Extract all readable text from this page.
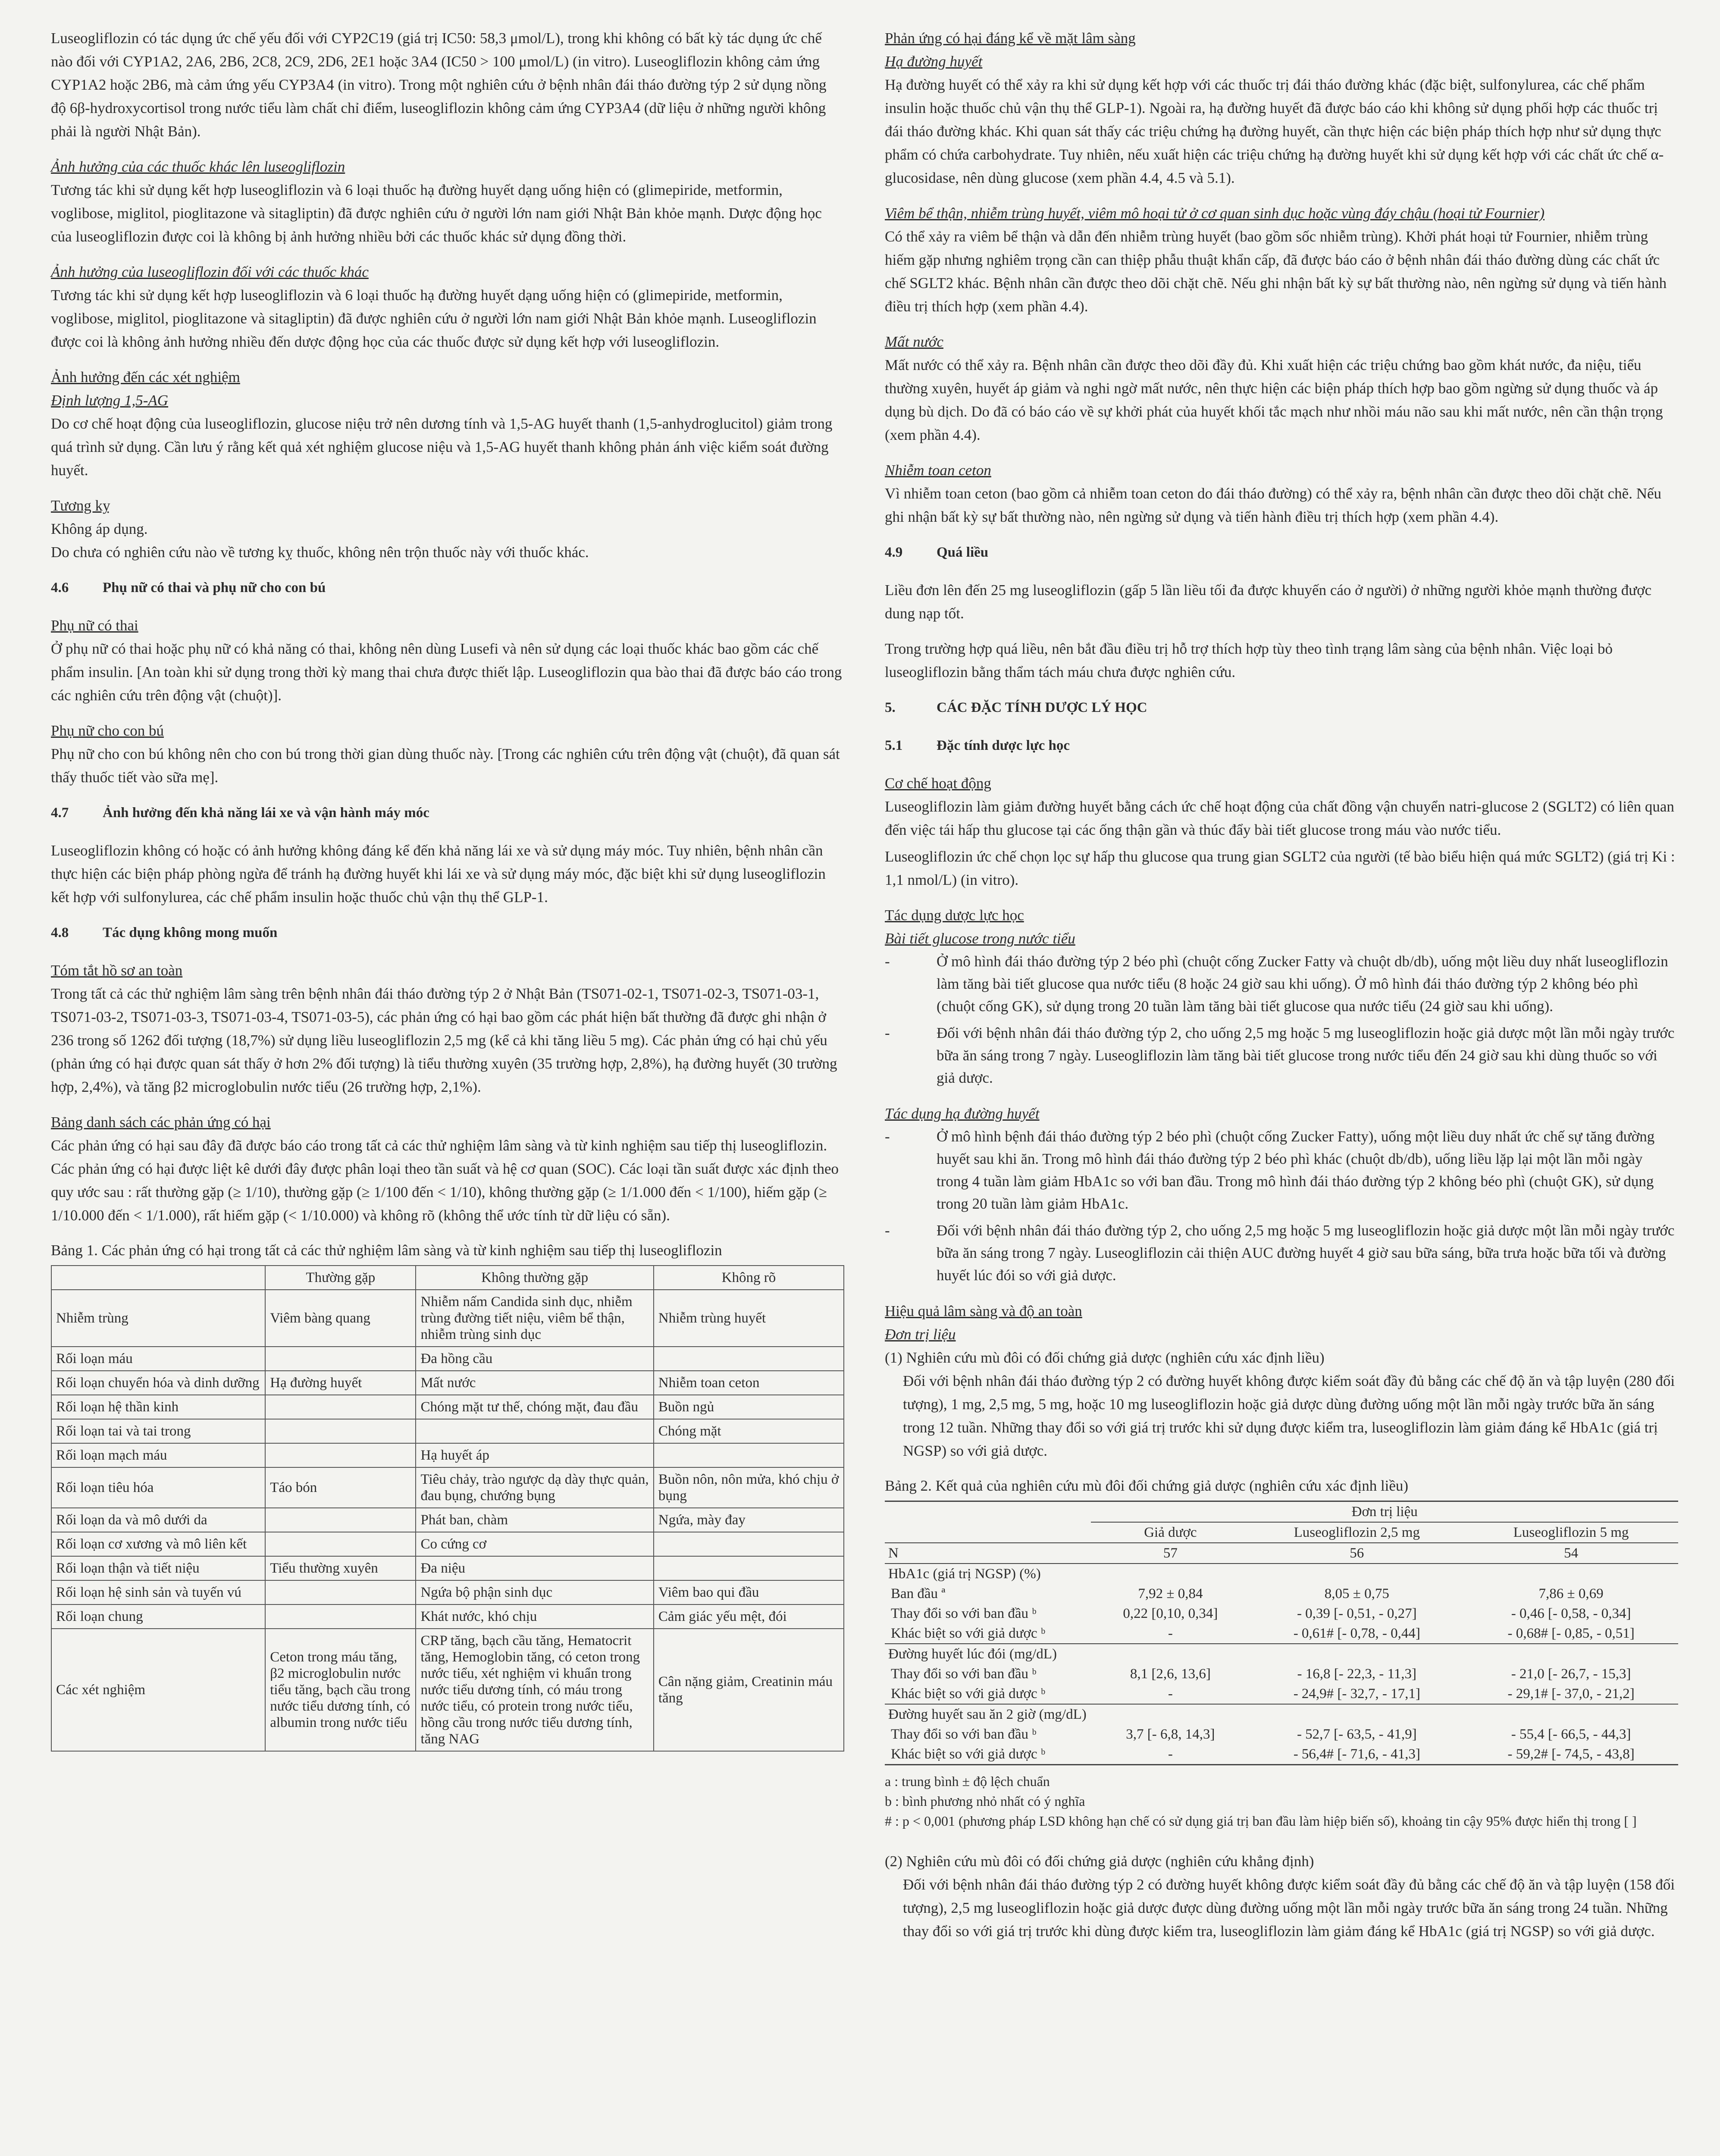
Luseogliflozin có tác dụng ức chế yếu đối với CYP2C19 (giá trị IC50: 58,3 μmol/L), trong khi không có bất kỳ tác dụng ức chế nào đối với CYP1A2, 2A6, 2B6, 2C8, 2C9, 2D6, 2E1 hoặc 3A4 (IC50 > 100 μmol/L) (in vitro). Luseogliflozin không cảm ứng CYP1A2 hoặc 2B6, mà cảm ứng yếu CYP3A4 (in vitro). Trong một nghiên cứu ở bệnh nhân đái tháo đường týp 2 sử dụng nồng độ 6β-hydroxycortisol trong nước tiểu làm chất chỉ điểm, luseogliflozin không cảm ứng CYP3A4 (dữ liệu ở những người không phải là người Nhật Bản).

Ảnh hưởng của các thuốc khác lên luseogliflozin

Tương tác khi sử dụng kết hợp luseogliflozin và 6 loại thuốc hạ đường huyết dạng uống hiện có (glimepiride, metformin, voglibose, miglitol, pioglitazone và sitagliptin) đã được nghiên cứu ở người lớn nam giới Nhật Bản khỏe mạnh. Dược động học của luseogliflozin được coi là không bị ảnh hưởng nhiều bởi các thuốc khác sử dụng đồng thời.

Ảnh hưởng của luseogliflozin đối với các thuốc khác

Tương tác khi sử dụng kết hợp luseogliflozin và 6 loại thuốc hạ đường huyết dạng uống hiện có (glimepiride, metformin, voglibose, miglitol, pioglitazone và sitagliptin) đã được nghiên cứu ở người lớn nam giới Nhật Bản khỏe mạnh. Luseogliflozin được coi là không ảnh hưởng nhiều đến dược động học của các thuốc được sử dụng kết hợp với luseogliflozin.

Ảnh hưởng đến các xét nghiệm

Định lượng 1,5-AG

Do cơ chế hoạt động của luseogliflozin, glucose niệu trở nên dương tính và 1,5-AG huyết thanh (1,5-anhydroglucitol) giảm trong quá trình sử dụng. Cần lưu ý rằng kết quả xét nghiệm glucose niệu và 1,5-AG huyết thanh không phản ánh việc kiểm soát đường huyết.

Tương kỵ

Không áp dụng.
Do chưa có nghiên cứu nào về tương kỵ thuốc, không nên trộn thuốc này với thuốc khác.

4.6 Phụ nữ có thai và phụ nữ cho con bú

Phụ nữ có thai

Ở phụ nữ có thai hoặc phụ nữ có khả năng có thai, không nên dùng Lusefi và nên sử dụng các loại thuốc khác bao gồm các chế phẩm insulin. [An toàn khi sử dụng trong thời kỳ mang thai chưa được thiết lập. Luseogliflozin qua bào thai đã được báo cáo trong các nghiên cứu trên động vật (chuột)].

Phụ nữ cho con bú

Phụ nữ cho con bú không nên cho con bú trong thời gian dùng thuốc này. [Trong các nghiên cứu trên động vật (chuột), đã quan sát thấy thuốc tiết vào sữa mẹ].

4.7 Ảnh hưởng đến khả năng lái xe và vận hành máy móc

Luseogliflozin không có hoặc có ảnh hưởng không đáng kể đến khả năng lái xe và sử dụng máy móc. Tuy nhiên, bệnh nhân cần thực hiện các biện pháp phòng ngừa để tránh hạ đường huyết khi lái xe và sử dụng máy móc, đặc biệt khi sử dụng luseogliflozin kết hợp với sulfonylurea, các chế phẩm insulin hoặc thuốc chủ vận thụ thể GLP-1.

4.8 Tác dụng không mong muốn

Tóm tắt hồ sơ an toàn

Trong tất cả các thử nghiệm lâm sàng trên bệnh nhân đái tháo đường týp 2 ở Nhật Bản (TS071-02-1, TS071-02-3, TS071-03-1, TS071-03-2, TS071-03-3, TS071-03-4, TS071-03-5), các phản ứng có hại bao gồm các phát hiện bất thường đã được ghi nhận ở 236 trong số 1262 đối tượng (18,7%) sử dụng liều luseogliflozin 2,5 mg (kể cả khi tăng liều 5 mg). Các phản ứng có hại chủ yếu (phản ứng có hại được quan sát thấy ở hơn 2% đối tượng) là tiểu thường xuyên (35 trường hợp, 2,8%), hạ đường huyết (30 trường hợp, 2,4%), và tăng β2 microglobulin nước tiểu (26 trường hợp, 2,1%).

Bảng danh sách các phản ứng có hại

Các phản ứng có hại sau đây đã được báo cáo trong tất cả các thử nghiệm lâm sàng và từ kinh nghiệm sau tiếp thị luseogliflozin. Các phản ứng có hại được liệt kê dưới đây được phân loại theo tần suất và hệ cơ quan (SOC). Các loại tần suất được xác định theo quy ước sau : rất thường gặp (≥ 1/10), thường gặp (≥ 1/100 đến < 1/10), không thường gặp (≥ 1/1.000 đến < 1/100), hiếm gặp (≥ 1/10.000 đến < 1/1.000), rất hiếm gặp (< 1/10.000) và không rõ (không thể ước tính từ dữ liệu có sẵn).

Bảng 1. Các phản ứng có hại trong tất cả các thử nghiệm lâm sàng và từ kinh nghiệm sau tiếp thị luseogliflozin

	Thường gặp	Không thường gặp	Không rõ
Nhiễm trùng	Viêm bàng quang	Nhiễm nấm Candida sinh dục, nhiễm trùng đường tiết niệu, viêm bể thận, nhiễm trùng sinh dục	Nhiễm trùng huyết
Rối loạn máu		Đa hồng cầu	
Rối loạn chuyển hóa và dinh dưỡng	Hạ đường huyết	Mất nước	Nhiễm toan ceton
Rối loạn hệ thần kinh		Chóng mặt tư thế, chóng mặt, đau đầu	Buồn ngủ
Rối loạn tai và tai trong			Chóng mặt
Rối loạn mạch máu		Hạ huyết áp	
Rối loạn tiêu hóa	Táo bón	Tiêu chảy, trào ngược dạ dày thực quản, đau bụng, chướng bụng	Buồn nôn, nôn mửa, khó chịu ở bụng
Rối loạn da và mô dưới da		Phát ban, chàm	Ngứa, mày đay
Rối loạn cơ xương và mô liên kết		Co cứng cơ	
Rối loạn thận và tiết niệu	Tiểu thường xuyên	Đa niệu	
Rối loạn hệ sinh sản và tuyến vú		Ngứa bộ phận sinh dục	Viêm bao qui đầu
Rối loạn chung		Khát nước, khó chịu	Cảm giác yếu mệt, đói
Các xét nghiệm	Ceton trong máu tăng, β2 microglobulin nước tiểu tăng, bạch cầu trong nước tiểu dương tính, có albumin trong nước tiểu	CRP tăng, bạch cầu tăng, Hematocrit tăng, Hemoglobin tăng, có ceton trong nước tiểu, xét nghiệm vi khuẩn trong nước tiểu dương tính, có máu trong nước tiểu, có protein trong nước tiểu, hồng cầu trong nước tiểu dương tính, tăng NAG	Cân nặng giảm, Creatinin máu tăng

Phản ứng có hại đáng kể về mặt lâm sàng

Hạ đường huyết

Hạ đường huyết có thể xảy ra khi sử dụng kết hợp với các thuốc trị đái tháo đường khác (đặc biệt, sulfonylurea, các chế phẩm insulin hoặc thuốc chủ vận thụ thể GLP-1). Ngoài ra, hạ đường huyết đã được báo cáo khi không sử dụng phối hợp các thuốc trị đái tháo đường khác. Khi quan sát thấy các triệu chứng hạ đường huyết, cần thực hiện các biện pháp thích hợp như sử dụng thực phẩm có chứa carbohydrate. Tuy nhiên, nếu xuất hiện các triệu chứng hạ đường huyết khi sử dụng kết hợp với các chất ức chế α-glucosidase, nên dùng glucose (xem phần 4.4, 4.5 và 5.1).

Viêm bể thận, nhiễm trùng huyết, viêm mô hoại tử ở cơ quan sinh dục hoặc vùng đáy chậu (hoại tử Fournier)

Có thể xảy ra viêm bể thận và dẫn đến nhiễm trùng huyết (bao gồm sốc nhiễm trùng). Khởi phát hoại tử Fournier, nhiễm trùng hiếm gặp nhưng nghiêm trọng cần can thiệp phẫu thuật khẩn cấp, đã được báo cáo ở bệnh nhân đái tháo đường dùng các chất ức chế SGLT2 khác. Bệnh nhân cần được theo dõi chặt chẽ. Nếu ghi nhận bất kỳ sự bất thường nào, nên ngừng sử dụng và tiến hành điều trị thích hợp (xem phần 4.4).

Mất nước

Mất nước có thể xảy ra. Bệnh nhân cần được theo dõi đầy đủ. Khi xuất hiện các triệu chứng bao gồm khát nước, đa niệu, tiểu thường xuyên, huyết áp giảm và nghi ngờ mất nước, nên thực hiện các biện pháp thích hợp bao gồm ngừng sử dụng thuốc và áp dụng bù dịch. Do đã có báo cáo về sự khởi phát của huyết khối tắc mạch như nhồi máu não sau khi mất nước, nên cần thận trọng (xem phần 4.4).

Nhiễm toan ceton

Vì nhiễm toan ceton (bao gồm cả nhiễm toan ceton do đái tháo đường) có thể xảy ra, bệnh nhân cần được theo dõi chặt chẽ. Nếu ghi nhận bất kỳ sự bất thường nào, nên ngừng sử dụng và tiến hành điều trị thích hợp (xem phần 4.4).

4.9 Quá liều

Liều đơn lên đến 25 mg luseogliflozin (gấp 5 lần liều tối đa được khuyến cáo ở người) ở những người khỏe mạnh thường được dung nạp tốt.

Trong trường hợp quá liều, nên bắt đầu điều trị hỗ trợ thích hợp tùy theo tình trạng lâm sàng của bệnh nhân. Việc loại bỏ luseogliflozin bằng thẩm tách máu chưa được nghiên cứu.

5.	CÁC ĐẶC TÍNH DƯỢC LÝ HỌC
5.1 Đặc tính dược lực học

Cơ chế hoạt động

Luseogliflozin làm giảm đường huyết bằng cách ức chế hoạt động của chất đồng vận chuyển natri-glucose 2 (SGLT2) có liên quan đến việc tái hấp thu glucose tại các ống thận gần và thúc đẩy bài tiết glucose trong máu vào nước tiểu.

Luseogliflozin ức chế chọn lọc sự hấp thu glucose qua trung gian SGLT2 của người (tế bào biểu hiện quá mức SGLT2) (giá trị Ki : 1,1 nmol/L) (in vitro).

Tác dụng dược lực học

Bài tiết glucose trong nước tiểu

-	Ở mô hình đái tháo đường týp 2 béo phì (chuột cống Zucker Fatty và chuột db/db), uống một liều duy nhất luseogliflozin làm tăng bài tiết glucose qua nước tiểu (8 hoặc 24 giờ sau khi uống). Ở mô hình đái tháo đường týp 2 không béo phì (chuột cống GK), sử dụng trong 20 tuần làm tăng bài tiết glucose qua nước tiểu (24 giờ sau khi uống).
-	Đối với bệnh nhân đái tháo đường týp 2, cho uống 2,5 mg hoặc 5 mg luseogliflozin hoặc giả dược một lần mỗi ngày trước bữa ăn sáng trong 7 ngày. Luseogliflozin làm tăng bài tiết glucose trong nước tiểu đến 24 giờ sau khi dùng thuốc so với giả dược.

Tác dụng hạ đường huyết

-	Ở mô hình bệnh đái tháo đường týp 2 béo phì (chuột cống Zucker Fatty), uống một liều duy nhất ức chế sự tăng đường huyết sau khi ăn. Trong mô hình đái tháo đường týp 2 béo phì khác (chuột db/db), uống liều lặp lại một lần mỗi ngày trong 4 tuần làm giảm HbA1c so với ban đầu. Trong mô hình đái tháo đường týp 2 không béo phì (chuột GK), sử dụng trong 20 tuần làm giảm HbA1c.
-	Đối với bệnh nhân đái tháo đường týp 2, cho uống 2,5 mg hoặc 5 mg luseogliflozin hoặc giả dược một lần mỗi ngày trước bữa ăn sáng trong 7 ngày. Luseogliflozin cải thiện AUC đường huyết 4 giờ sau bữa sáng, bữa trưa hoặc bữa tối và đường huyết lúc đói so với giả dược.

Hiệu quả lâm sàng và độ an toàn

Đơn trị liệu

(1) Nghiên cứu mù đôi có đối chứng giả dược (nghiên cứu xác định liều)

Đối với bệnh nhân đái tháo đường týp 2 có đường huyết không được kiểm soát đầy đủ bằng các chế độ ăn và tập luyện (280 đối tượng), 1 mg, 2,5 mg, 5 mg, hoặc 10 mg luseogliflozin hoặc giả dược dùng đường uống một lần mỗi ngày trước bữa ăn sáng trong 12 tuần. Những thay đổi so với giá trị trước khi sử dụng được kiểm tra, luseogliflozin làm giảm đáng kể HbA1c (giá trị NGSP) so với giả dược.

Bảng 2. Kết quả của nghiên cứu mù đôi đối chứng giả dược (nghiên cứu xác định liều)

	Đơn trị liệu		
	Giả dược	Luseogliflozin 2,5 mg	Luseogliflozin 5 mg
N	57	56	54
HbA1c (giá trị NGSP) (%)			
Ban đầu ª	7,92 ± 0,84	8,05 ± 0,75	7,86 ± 0,69
Thay đổi so với ban đầu ᵇ	0,22 [0,10, 0,34]	- 0,39 [- 0,51, - 0,27]	- 0,46 [- 0,58, - 0,34]
Khác biệt so với giả dược ᵇ	-	- 0,61# [- 0,78, - 0,44]	- 0,68# [- 0,85, - 0,51]
Đường huyết lúc đói (mg/dL)			
Thay đổi so với ban đầu ᵇ	8,1 [2,6, 13,6]	- 16,8 [- 22,3, - 11,3]	- 21,0 [- 26,7, - 15,3]
Khác biệt so với giả dược ᵇ	-	- 24,9# [- 32,7, - 17,1]	- 29,1# [- 37,0, - 21,2]
Đường huyết sau ăn 2 giờ (mg/dL)			
Thay đổi so với ban đầu ᵇ	3,7 [- 6,8, 14,3]	- 52,7 [- 63,5, - 41,9]	- 55,4 [- 66,5, - 44,3]
Khác biệt so với giả dược ᵇ	-	- 56,4# [- 71,6, - 41,3]	- 59,2# [- 74,5, - 43,8]
a : trung bình ± độ lệch chuẩn
b : bình phương nhỏ nhất có ý nghĩa
# : p < 0,001 (phương pháp LSD không hạn chế có sử dụng giá trị ban đầu làm hiệp biến số), khoảng tin cậy 95% được hiển thị trong [ ]

(2) Nghiên cứu mù đôi có đối chứng giả dược (nghiên cứu khẳng định)

Đối với bệnh nhân đái tháo đường týp 2 có đường huyết không được kiểm soát đầy đủ bằng các chế độ ăn và tập luyện (158 đối tượng), 2,5 mg luseogliflozin hoặc giả dược được dùng đường uống một lần mỗi ngày trước bữa ăn sáng trong 24 tuần. Những thay đổi so với giá trị trước khi dùng được kiểm tra, luseogliflozin làm giảm đáng kể HbA1c (giá trị NGSP) so với giả dược.
